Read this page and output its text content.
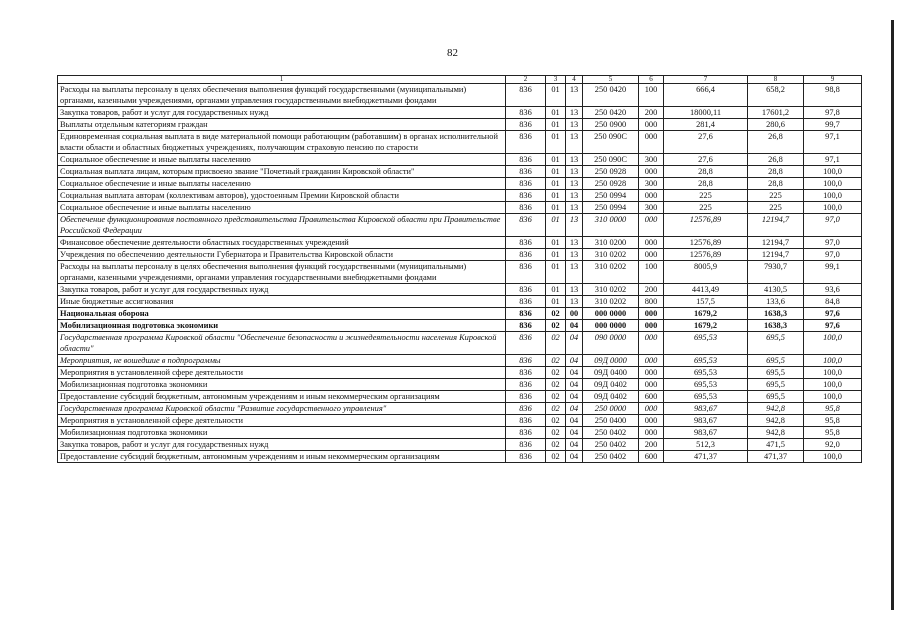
82
1	2	3	4	5	6	7	8	9
Расходы на выплаты персоналу в целях обеспечения выполнения функций государственными (муниципальными) органами, казенными учреждениями, органами управления государственными внебюджетными фондами	836	01	13	250 0420	100	666,4	658,2	98,8
Закупка товаров, работ и услуг для государственных нужд	836	01	13	250 0420	200	18000,11	17601,2	97,8
Выплаты отдельным категориям граждан	836	01	13	250 0900	000	281,4	280,6	99,7
Единовременная социальная выплата в виде материальной помощи работающим (работавшим) в органах исполнительной власти области и областных бюджетных учреждениях, получающим страховую пенсию по старости	836	01	13	250 090С	000	27,6	26,8	97,1
Социальное обеспечение и иные выплаты населению	836	01	13	250 090С	300	27,6	26,8	97,1
Социальная выплата лицам, которым присвоено звание "Почетный гражданин Кировской области"	836	01	13	250 0928	000	28,8	28,8	100,0
Социальное обеспечение и иные выплаты населению	836	01	13	250 0928	300	28,8	28,8	100,0
Социальная выплата авторам (коллективам авторов), удостоенным Премии Кировской области	836	01	13	250 0994	000	225	225	100,0
Социальное обеспечение и иные выплаты населению	836	01	13	250 0994	300	225	225	100,0
Обеспечение функционирования постоянного представительства Правительства Кировской области при Правительстве Российской Федерации	836	01	13	310 0000	000	12576,89	12194,7	97,0
Финансовое обеспечение деятельности областных государственных учреждений	836	01	13	310 0200	000	12576,89	12194,7	97,0
Учреждения по обеспечению деятельности Губернатора и Правительства Кировской области	836	01	13	310 0202	000	12576,89	12194,7	97,0
Расходы на выплаты персоналу в целях обеспечения выполнения функций государственными (муниципальными) органами, казенными учреждениями, органами управления государственными внебюджетными фондами	836	01	13	310 0202	100	8005,9	7930,7	99,1
Закупка товаров, работ и услуг для государственных нужд	836	01	13	310 0202	200	4413,49	4130,5	93,6
Иные бюджетные ассигнования	836	01	13	310 0202	800	157,5	133,6	84,8
Национальная оборона	836	02	00	000 0000	000	1679,2	1638,3	97,6
Мобилизационная подготовка экономики	836	02	04	000 0000	000	1679,2	1638,3	97,6
Государственная программа Кировской области "Обеспечение безопасности и жизнедеятельности населения Кировской области"	836	02	04	090 0000	000	695,53	695,5	100,0
Мероприятия, не вошедшие в подпрограммы	836	02	04	09Д 0000	000	695,53	695,5	100,0
Мероприятия в установленной сфере деятельности	836	02	04	09Д 0400	000	695,53	695,5	100,0
Мобилизационная подготовка экономики	836	02	04	09Д 0402	000	695,53	695,5	100,0
Предоставление субсидий бюджетным, автономным учреждениям и иным некоммерческим организациям	836	02	04	09Д 0402	600	695,53	695,5	100,0
Государственная программа Кировской области "Развитие государственного управления"	836	02	04	250 0000	000	983,67	942,8	95,8
Мероприятия в установленной сфере деятельности	836	02	04	250 0400	000	983,67	942,8	95,8
Мобилизационная подготовка экономики	836	02	04	250 0402	000	983,67	942,8	95,8
Закупка товаров, работ и услуг для государственных нужд	836	02	04	250 0402	200	512,3	471,5	92,0
Предоставление субсидий бюджетным, автономным учреждениям и иным некоммерческим организациям	836	02	04	250 0402	600	471,37	471,37	100,0
